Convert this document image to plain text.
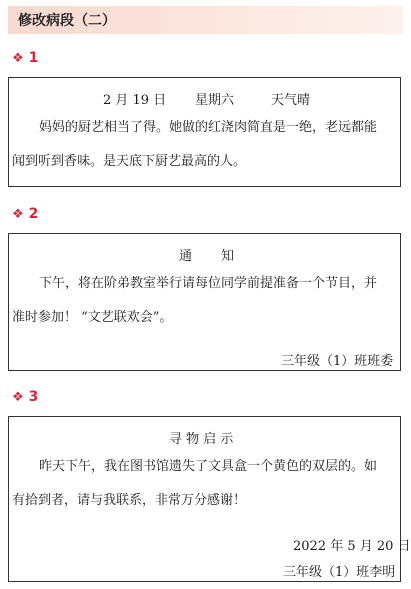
修改病段（二）
❖ 1
2 月 19 日 星期六	天气晴
妈妈的厨艺相当了得。她做的红浇肉简直是一绝，老远都能
闻到听到香味。是天底下厨艺最高的人。
❖ 2
通 知
下午，将在阶弟教室举行请每位同学前提准备一个节目，并
准时参加！ “文艺联欢会”。
三年级（1）班班委
❖ 3
寻 物 启 示
昨天下午，我在图书馆遗失了文具盒一个黄色的双层的。如
有拾到者，请与我联系，非常万分感谢！
2022 年 5 月 20 日
三年级（1）班李明
